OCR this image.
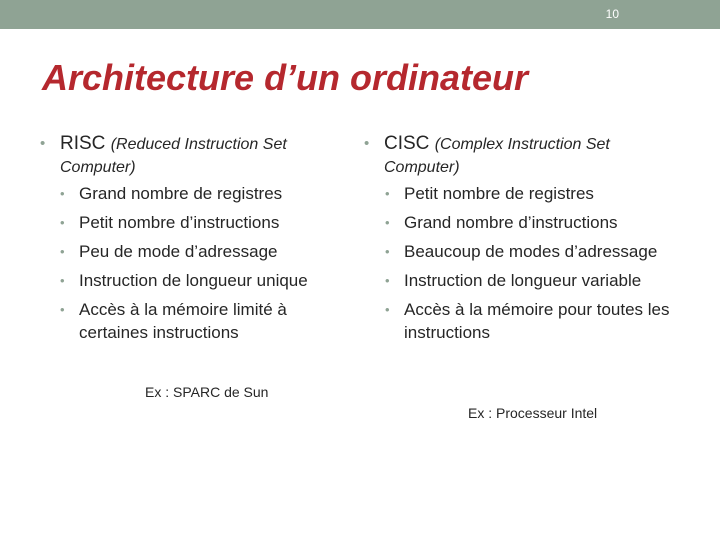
10
Architecture d’un ordinateur
• RISC (Reduced Instruction Set
Computer)
• Grand nombre de registres
• Petit nombre d’instructions
• Peu de mode d’adressage
• Instruction de longueur unique
• Accès à la mémoire limité à certaines instructions
• CISC (Complex Instruction Set
Computer)
• Petit nombre de registres
• Grand nombre d’instructions
• Beaucoup de modes d’adressage
• Instruction de longueur variable
• Accès à la mémoire pour toutes les instructions
Ex : SPARC de Sun
Ex : Processeur Intel
